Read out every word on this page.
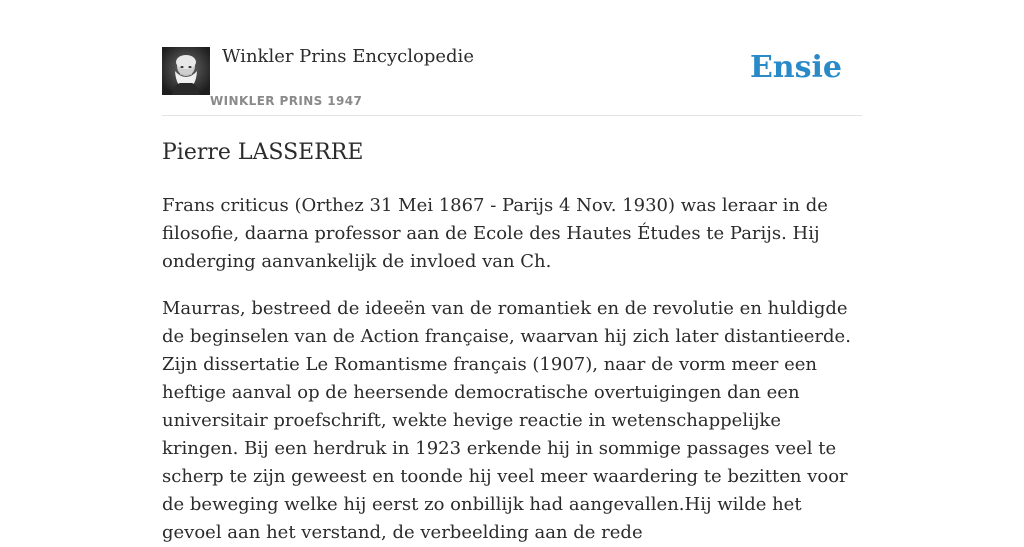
Winkler Prins Encyclopedie
WINKLER PRINS 1947
Ensie
Pierre LASSERRE

Frans criticus (Orthez 31 Mei 1867 - Parijs 4 Nov. 1930) was leraar in de filosofie, daarna professor aan de Ecole des Hautes Études te Parijs. Hij onderging aanvankelijk de invloed van Ch.

Maurras, bestreed de ideeën van de romantiek en de revolutie en huldigde de beginselen van de Action française, waarvan hij zich later distantieerde. Zijn dissertatie Le Romantisme français (1907), naar de vorm meer een heftige aanval op de heersende democratische overtuigingen dan een universitair proefschrift, wekte hevige reactie in wetenschappelijke kringen. Bij een herdruk in 1923 erkende hij in sommige passages veel te scherp te zijn geweest en toonde hij veel meer waardering te bezitten voor de beweging welke hij eerst zo onbillijk had aangevallen.Hij wilde het gevoel aan het verstand, de verbeelding aan de rede
